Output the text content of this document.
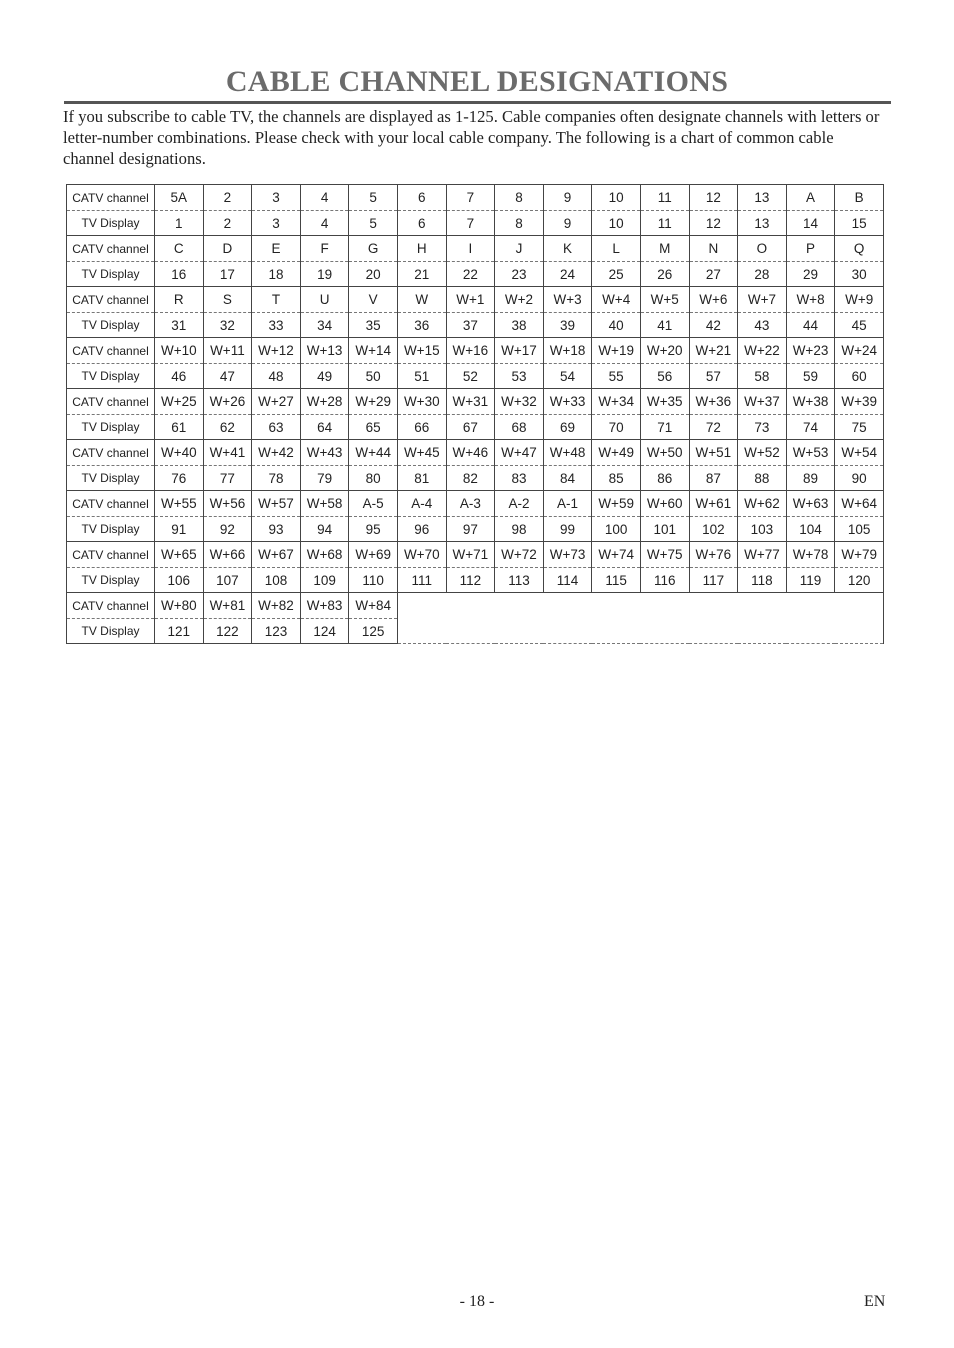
CABLE CHANNEL DESIGNATIONS

If you subscribe to cable TV, the channels are displayed as 1-125. Cable companies often designate channels with letters or letter-number combinations. Please check with your local cable company. The following is a chart of common cable channel designations.

CATV channel	5A	2	3	4	5	6	7	8	9	10	11	12	13	A	B
TV Display	1	2	3	4	5	6	7	8	9	10	11	12	13	14	15
CATV channel	C	D	E	F	G	H	I	J	K	L	M	N	O	P	Q
TV Display	16	17	18	19	20	21	22	23	24	25	26	27	28	29	30
CATV channel	R	S	T	U	V	W	W+1	W+2	W+3	W+4	W+5	W+6	W+7	W+8	W+9
TV Display	31	32	33	34	35	36	37	38	39	40	41	42	43	44	45
CATV channel	W+10	W+11	W+12	W+13	W+14	W+15	W+16	W+17	W+18	W+19	W+20	W+21	W+22	W+23	W+24
TV Display	46	47	48	49	50	51	52	53	54	55	56	57	58	59	60
CATV channel	W+25	W+26	W+27	W+28	W+29	W+30	W+31	W+32	W+33	W+34	W+35	W+36	W+37	W+38	W+39
TV Display	61	62	63	64	65	66	67	68	69	70	71	72	73	74	75
CATV channel	W+40	W+41	W+42	W+43	W+44	W+45	W+46	W+47	W+48	W+49	W+50	W+51	W+52	W+53	W+54
TV Display	76	77	78	79	80	81	82	83	84	85	86	87	88	89	90
CATV channel	W+55	W+56	W+57	W+58	A-5	A-4	A-3	A-2	A-1	W+59	W+60	W+61	W+62	W+63	W+64
TV Display	91	92	93	94	95	96	97	98	99	100	101	102	103	104	105
CATV channel	W+65	W+66	W+67	W+68	W+69	W+70	W+71	W+72	W+73	W+74	W+75	W+76	W+77	W+78	W+79
TV Display	106	107	108	109	110	111	112	113	114	115	116	117	118	119	120
CATV channel	W+80	W+81	W+82	W+83	W+84										
TV Display	121	122	123	124	125										
- 18 -	EN
